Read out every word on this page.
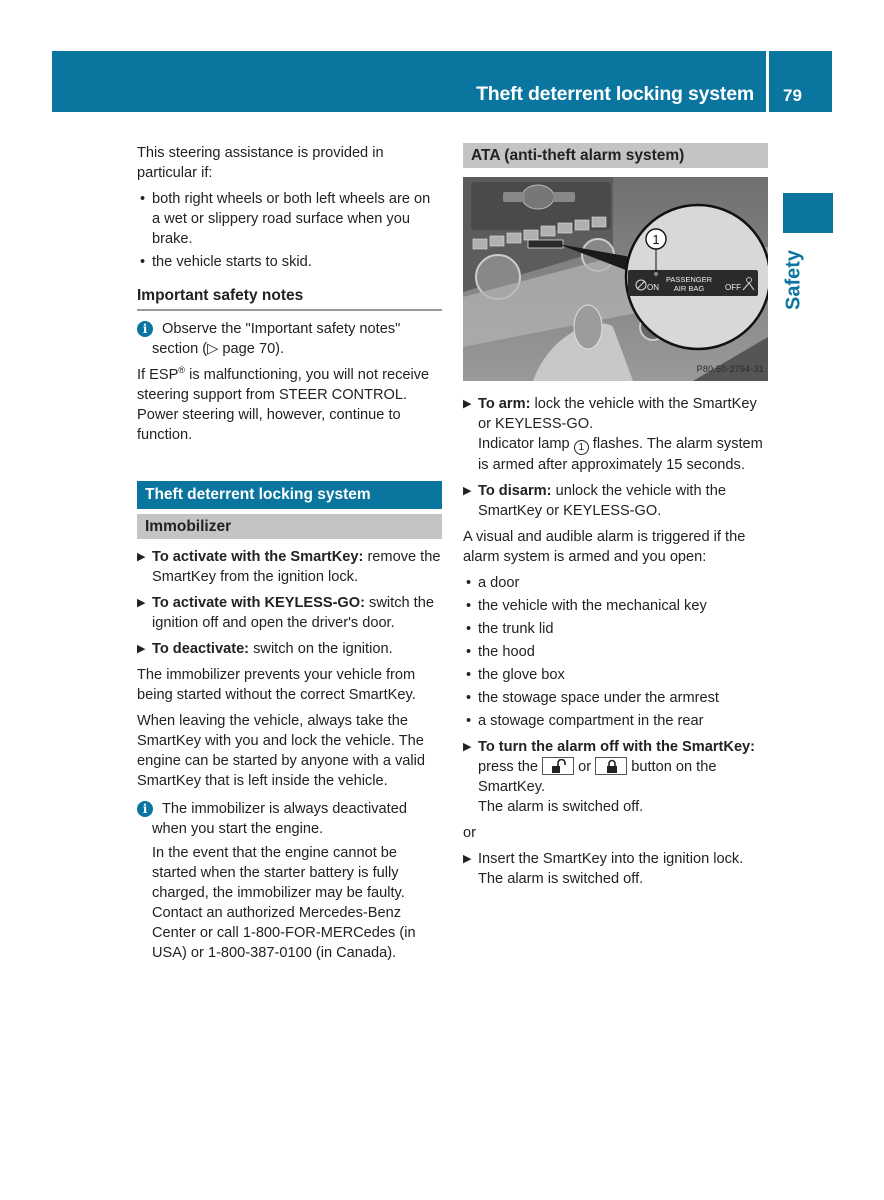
Theft deterrent locking system 79
Safety

This steering assistance is provided in particular if:

• both right wheels or both left wheels are on a wet or slippery road surface when you brake.
• the vehicle starts to skid.
Important safety notes
i	Observe the "Important safety notes" section (▷ page 70).

If ESP® is malfunctioning, you will not receive steering support from STEER CONTROL. Power steering will, however, continue to function.

Theft deterrent locking system
Immobilizer
▶ To activate with the SmartKey: remove the SmartKey from the ignition lock.
▶ To activate with KEYLESS-GO: switch the ignition off and open the driver's door.
▶ To deactivate: switch on the ignition.

The immobilizer prevents your vehicle from being started without the correct SmartKey.

When leaving the vehicle, always take the SmartKey with you and lock the vehicle. The engine can be started by anyone with a valid SmartKey that is left inside the vehicle.

i	The immobilizer is always deactivated when you start the engine.

In the event that the engine cannot be started when the starter battery is fully charged, the immobilizer may be faulty. Contact an authorized Mercedes-Benz Center or call 1-800-FOR-MERCedes (in USA) or 1-800-387-0100 (in Canada).

ATA (anti-theft alarm system)
1
ON
PASSENGER
AIR BAG	OFF
P80.50-2794-31
▶ To arm: lock the vehicle with the SmartKey or KEYLESS-GO.
Indicator lamp 1 flashes. The alarm system is armed after approximately 15 seconds.
▶ To disarm: unlock the vehicle with the SmartKey or KEYLESS-GO.

A visual and audible alarm is triggered if the alarm system is armed and you open:

• a door
• the vehicle with the mechanical key
• the trunk lid
• the hood
• the glove box
• the stowage space under the armrest
• a stowage compartment in the rear
▶ To turn the alarm off with the SmartKey: press the
or
button on the SmartKey.
The alarm is switched off.

or

▶ Insert the SmartKey into the ignition lock.
The alarm is switched off.
